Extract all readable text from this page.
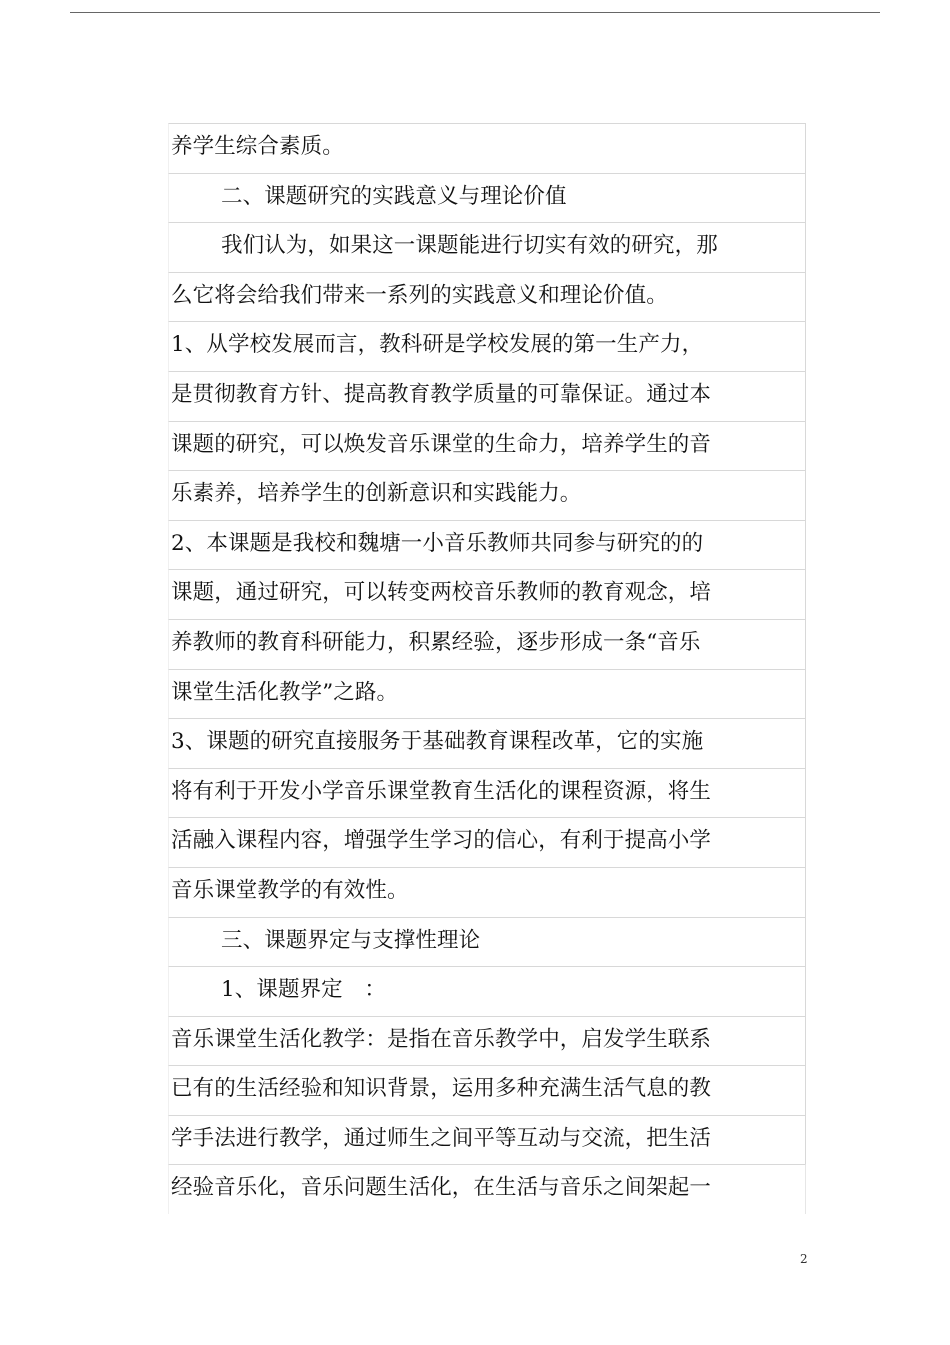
养学生综合素质。
二、课题研究的实践意义与理论价值
我们认为，如果这一课题能进行切实有效的研究，那
么它将会给我们带来一系列的实践意义和理论价值。
1、从学校发展而言，教科研是学校发展的第一生产力，
是贯彻教育方针、提高教育教学质量的可靠保证。通过本
课题的研究，可以焕发音乐课堂的生命力，培养学生的音
乐素养，培养学生的创新意识和实践能力。
2、本课题是我校和魏塘一小音乐教师共同参与研究的的
课题，通过研究，可以转变两校音乐教师的教育观念，培
养教师的教育科研能力，积累经验，逐步形成一条“音乐
课堂生活化教学”之路。
3、课题的研究直接服务于基础教育课程改革，它的实施
将有利于开发小学音乐课堂教育生活化的课程资源，将生
活融入课程内容，增强学生学习的信心，有利于提高小学
音乐课堂教学的有效性。
三、课题界定与支撑性理论
1、课题界定　：
音乐课堂生活化教学：是指在音乐教学中，启发学生联系
已有的生活经验和知识背景，运用多种充满生活气息的教
学手法进行教学，通过师生之间平等互动与交流，把生活
经验音乐化，音乐问题生活化，在生活与音乐之间架起一
2
